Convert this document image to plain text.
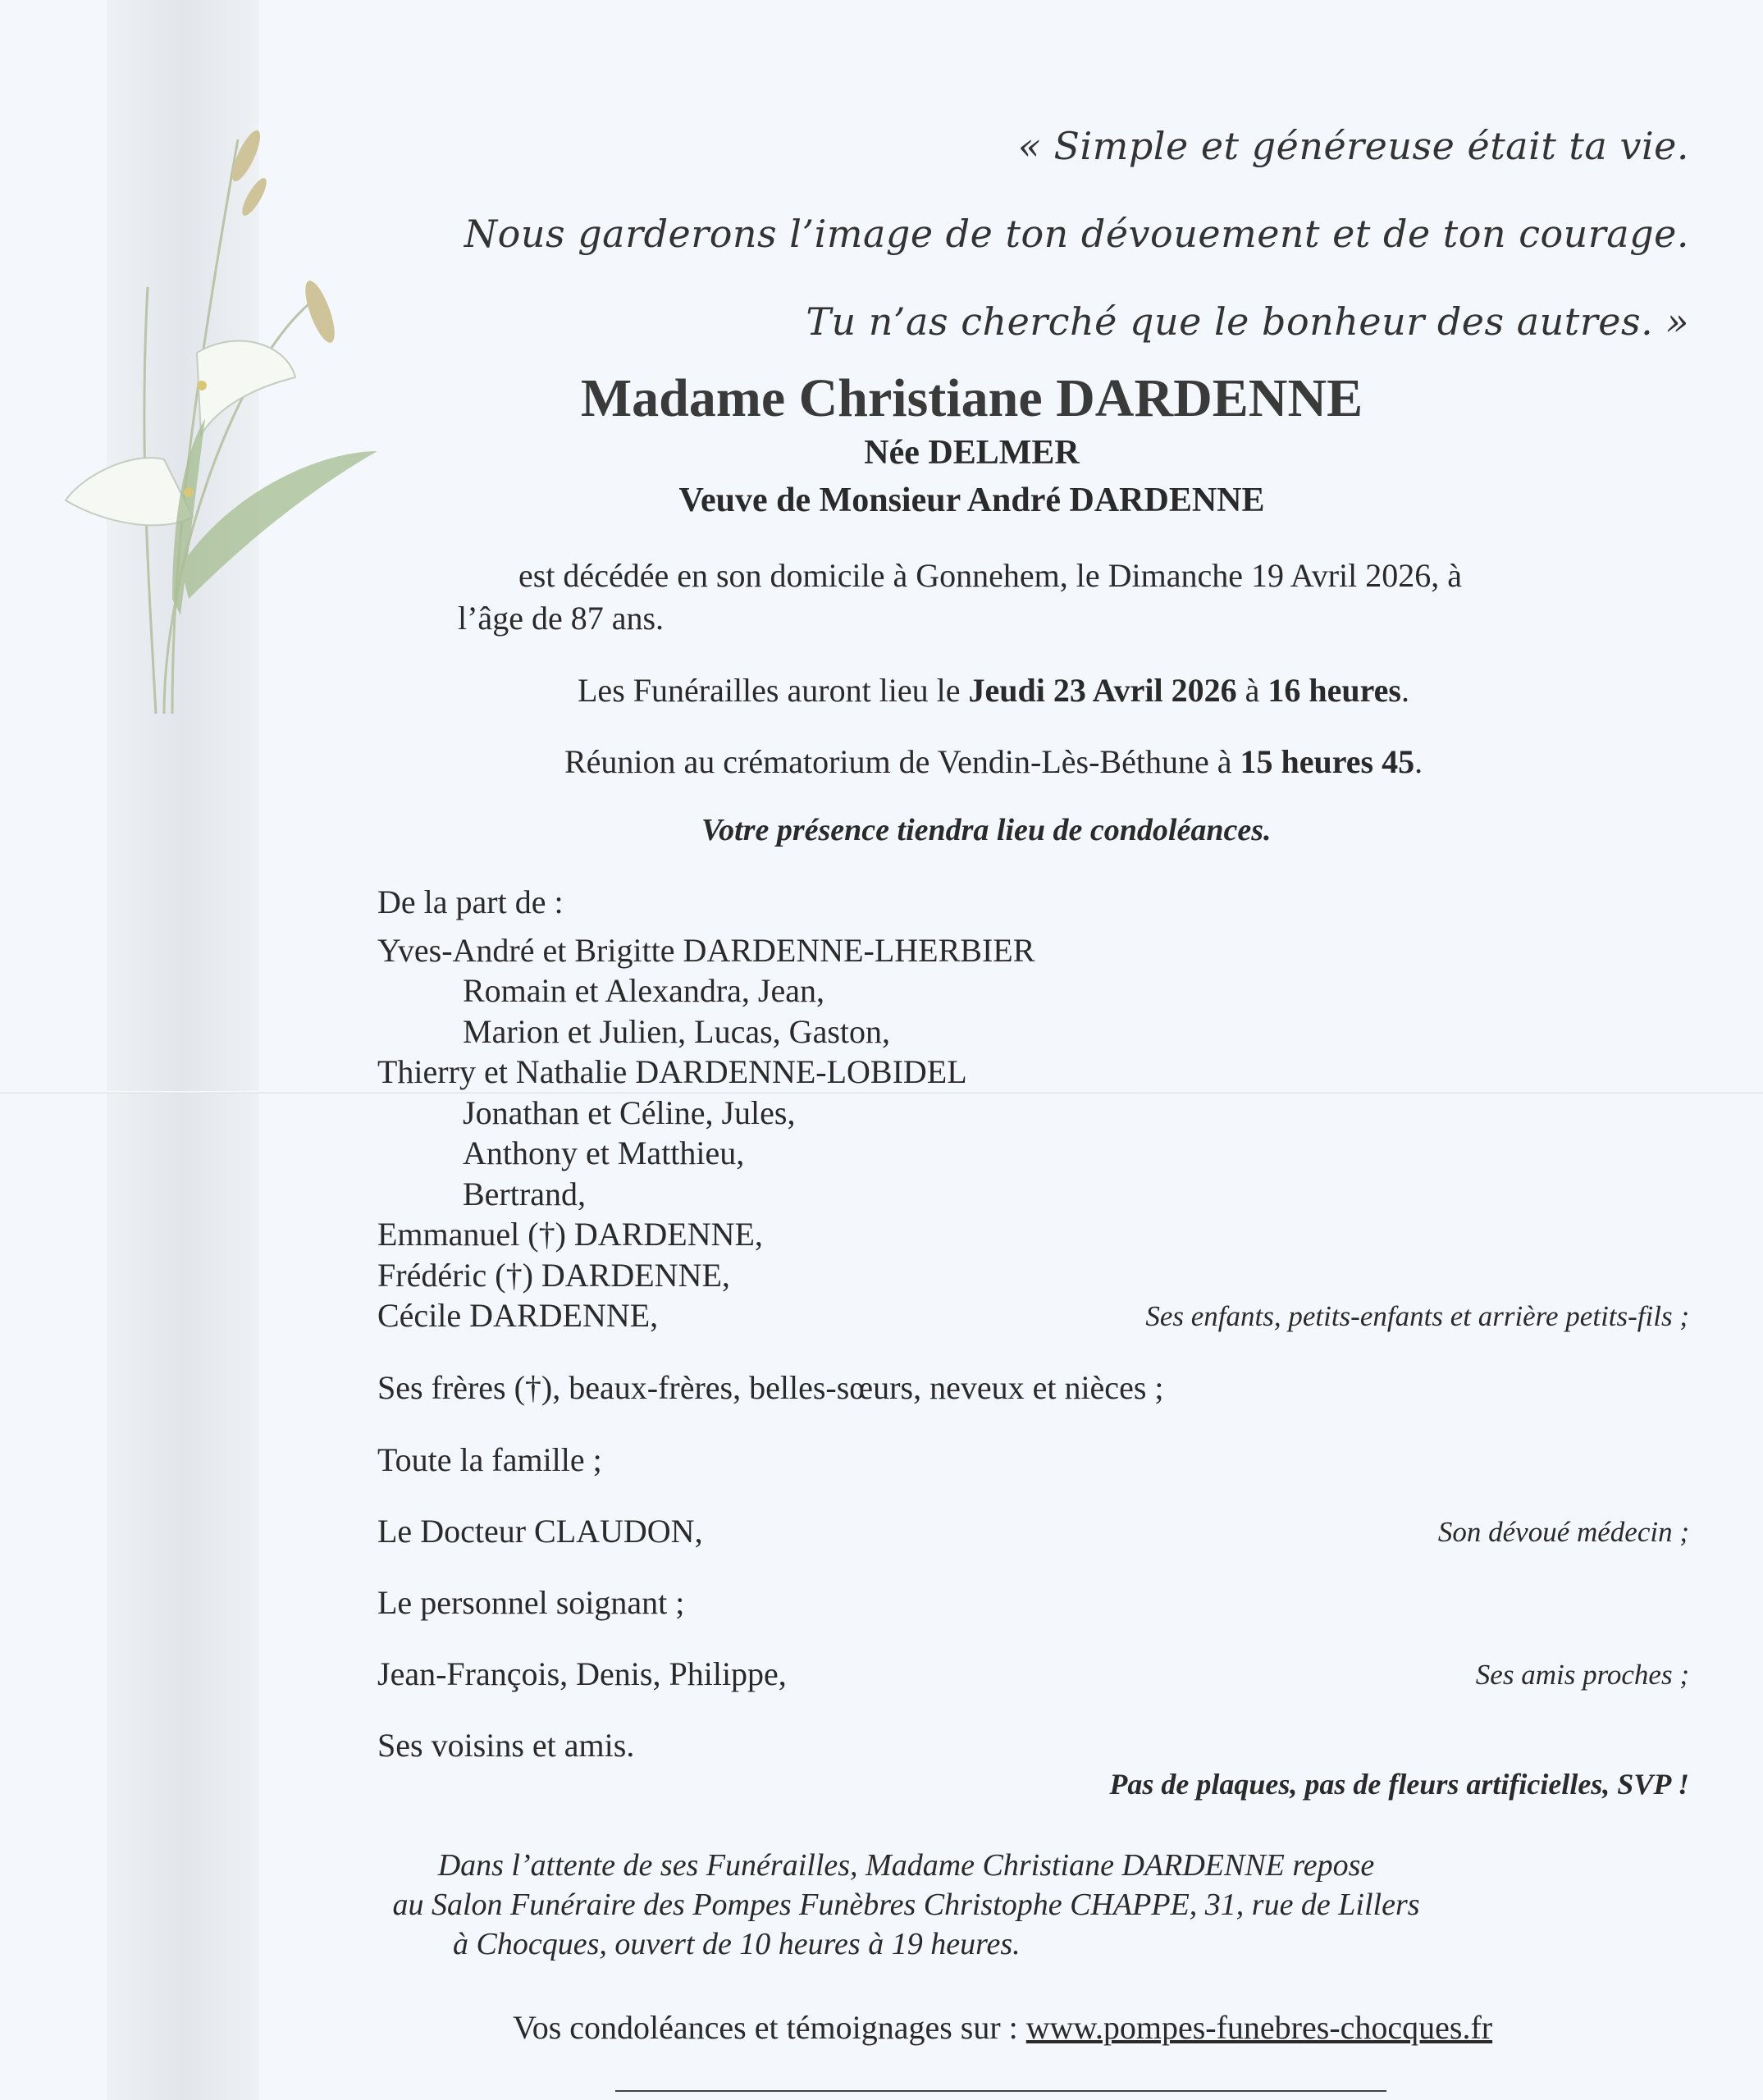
« Simple et généreuse était ta vie.
Nous garderons l’image de ton dévouement et de ton courage.
Tu n’as cherché que le bonheur des autres. »
Madame Christiane DARDENNE
Née DELMER
Veuve de Monsieur André DARDENNE
est décédée en son domicile à Gonnehem, le Dimanche 19 Avril 2026, à
l’âge de 87 ans.
Les Funérailles auront lieu le Jeudi 23 Avril 2026 à 16 heures.
Réunion au crématorium de Vendin-Lès-Béthune à 15 heures 45.
Votre présence tiendra lieu de condoléances.
De la part de :
Yves-André et Brigitte DARDENNE-LHERBIER
Romain et Alexandra, Jean,
Marion et Julien, Lucas, Gaston,
Thierry et Nathalie DARDENNE-LOBIDEL
Jonathan et Céline, Jules,
Anthony et Matthieu,
Bertrand,
Emmanuel (†) DARDENNE,
Frédéric (†) DARDENNE,
Cécile DARDENNE,	Ses enfants, petits-enfants et arrière petits-fils ;
Ses frères (†), beaux-frères, belles-sœurs, neveux et nièces ;
Toute la famille ;
Le Docteur CLAUDON,	Son dévoué médecin ;
Le personnel soignant ;
Jean-François, Denis, Philippe,	Ses amis proches ;
Ses voisins et amis.
Pas de plaques, pas de fleurs artificielles, SVP !
Dans l’attente de ses Funérailles, Madame Christiane DARDENNE repose
au Salon Funéraire des Pompes Funèbres Christophe CHAPPE, 31, rue de Lillers
à Chocques, ouvert de 10 heures à 19 heures.
Vos condoléances et témoignages sur : www.pompes-funebres-chocques.fr
